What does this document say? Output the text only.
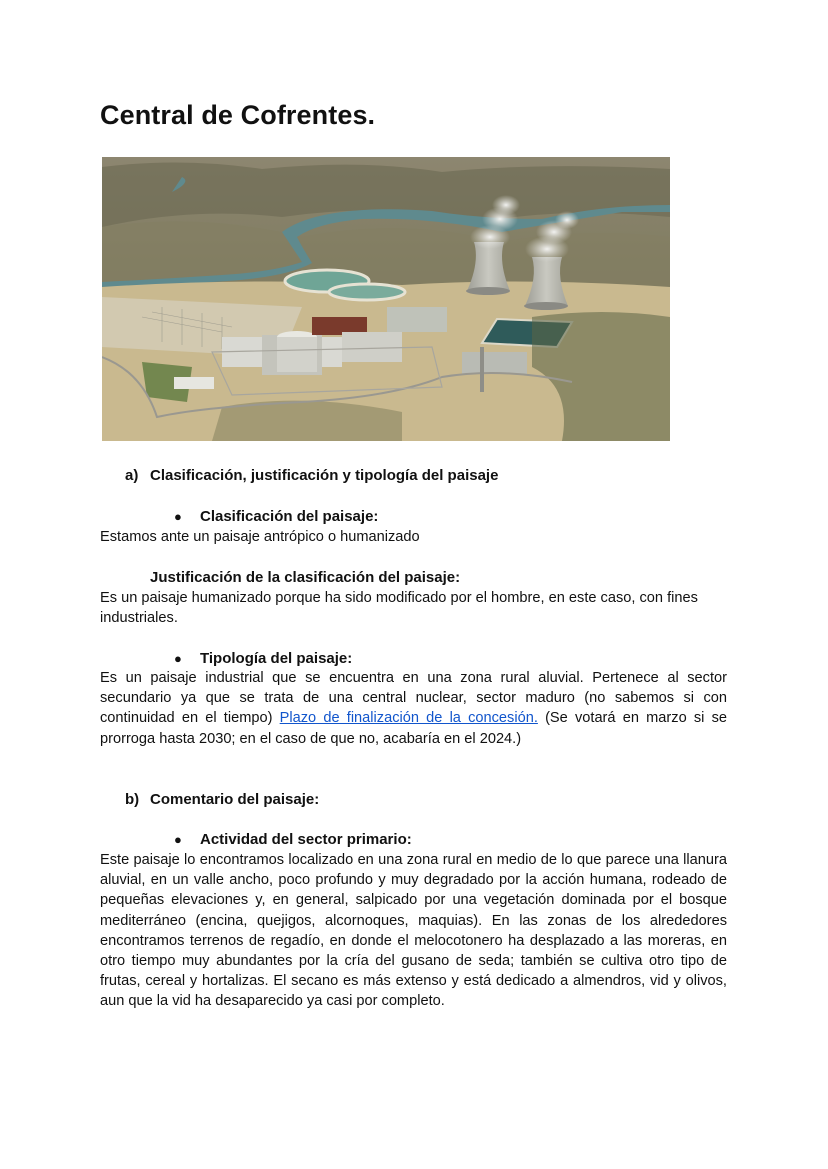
Central de Cofrentes.
a) Clasificación, justificación y tipología del paisaje
● Clasificación del paisaje:

Estamos ante un paisaje antrópico o humanizado

Justificación de la clasificación del paisaje:

Es un paisaje humanizado porque ha sido modificado por el hombre, en este caso, con fines industriales.

● Tipología del paisaje:

Es un paisaje industrial que se encuentra en una zona rural aluvial. Pertenece al sector secundario ya que se trata de una central nuclear, sector maduro (no sabemos si con continuidad en el tiempo) Plazo de finalización de la concesión. (Se votará en marzo si se prorroga hasta 2030; en el caso de que no, acabaría en el 2024.)

b) Comentario del paisaje:
● Actividad del sector primario:

Este paisaje lo encontramos localizado en una zona rural en medio de lo que parece una llanura aluvial, en un valle ancho, poco profundo y muy degradado por la acción humana, rodeado de pequeñas elevaciones y, en general, salpicado por una vegetación dominada por el bosque mediterráneo (encina, quejigos, alcornoques, maquias). En las zonas de los alrededores encontramos terrenos de regadío, en donde el melocotonero ha desplazado a las moreras, en otro tiempo muy abundantes por la cría del gusano de seda; también se cultiva otro tipo de frutas, cereal y hortalizas. El secano es más extenso y está dedicado a almendros, vid y olivos, aun que la vid ha desaparecido ya casi por completo.
